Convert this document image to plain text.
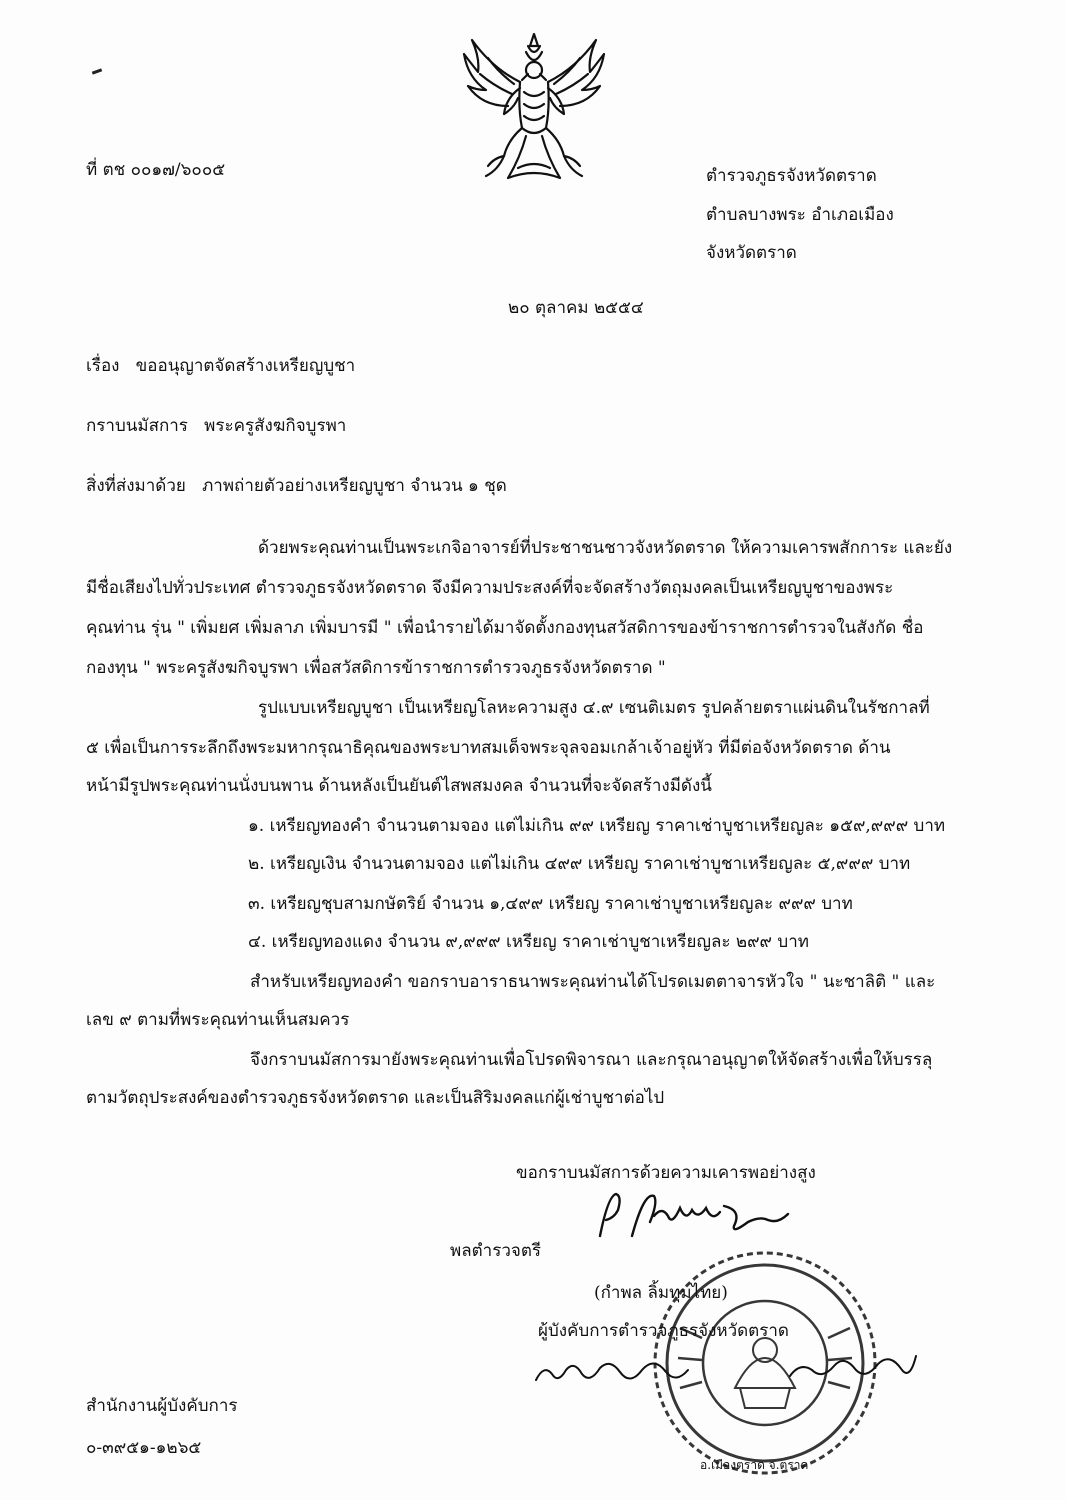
ที่ ตช ๐๐๑๗/๖๐๐๕	ตำรวจภูธรจังหวัดตราด
ตำบลบางพระ อำเภอเมือง
จังหวัดตราด
๒๐ ตุลาคม ๒๕๕๔
เรื่อง ขออนุญาตจัดสร้างเหรียญบูชา
กราบนมัสการ พระครูสังฆกิจบูรพา
สิ่งที่ส่งมาด้วย ภาพถ่ายตัวอย่างเหรียญบูชา จำนวน ๑ ชุด
ด้วยพระคุณท่านเป็นพระเกจิอาจารย์ที่ประชาชนชาวจังหวัดตราด ให้ความเคารพสักการะ และยัง
มีชื่อเสียงไปทั่วประเทศ ตำรวจภูธรจังหวัดตราด จึงมีความประสงค์ที่จะจัดสร้างวัตถุมงคลเป็นเหรียญบูชาของพระ
คุณท่าน รุ่น " เพิ่มยศ เพิ่มลาภ เพิ่มบารมี " เพื่อนำรายได้มาจัดตั้งกองทุนสวัสดิการของข้าราชการตำรวจในสังกัด ชื่อ
กองทุน " พระครูสังฆกิจบูรพา เพื่อสวัสดิการข้าราชการตำรวจภูธรจังหวัดตราด "
รูปแบบเหรียญบูชา เป็นเหรียญโลหะความสูง ๔.๙ เซนติเมตร รูปคล้ายตราแผ่นดินในรัชกาลที่
๕ เพื่อเป็นการระลึกถึงพระมหากรุณาธิคุณของพระบาทสมเด็จพระจุลจอมเกล้าเจ้าอยู่หัว ที่มีต่อจังหวัดตราด ด้าน
หน้ามีรูปพระคุณท่านนั่งบนพาน ด้านหลังเป็นยันต์ไสพสมงคล จำนวนที่จะจัดสร้างมีดังนี้
๑. เหรียญทองคำ จำนวนตามจอง แต่ไม่เกิน ๙๙ เหรียญ ราคาเช่าบูชาเหรียญละ ๑๕๙,๙๙๙ บาท
๒. เหรียญเงิน จำนวนตามจอง แต่ไม่เกิน ๔๙๙ เหรียญ ราคาเช่าบูชาเหรียญละ ๕,๙๙๙ บาท
๓. เหรียญชุบสามกษัตริย์ จำนวน ๑,๔๙๙ เหรียญ ราคาเช่าบูชาเหรียญละ ๙๙๙ บาท
๔. เหรียญทองแดง จำนวน ๙,๙๙๙ เหรียญ ราคาเช่าบูชาเหรียญละ ๒๙๙ บาท
สำหรับเหรียญทองคำ ขอกราบอาราธนาพระคุณท่านได้โปรดเมตตาจารหัวใจ " นะชาลิติ " และ
เลข ๙ ตามที่พระคุณท่านเห็นสมควร
จึงกราบนมัสการมายังพระคุณท่านเพื่อโปรดพิจารณา และกรุณาอนุญาตให้จัดสร้างเพื่อให้บรรลุ
ตามวัตถุประสงค์ของตำรวจภูธรจังหวัดตราด และเป็นสิริมงคลแก่ผู้เช่าบูชาต่อไป
ขอกราบนมัสการด้วยความเคารพอย่างสูง
พลตำรวจตรี
(กำพล ลิ้มทุมไทย)
ผู้บังคับการตำรวจภูธรจังหวัดตราด
อ.เมืองตราด จ.ตราด
สำนักงานผู้บังคับการ
๐-๓๙๕๑-๑๒๖๕
